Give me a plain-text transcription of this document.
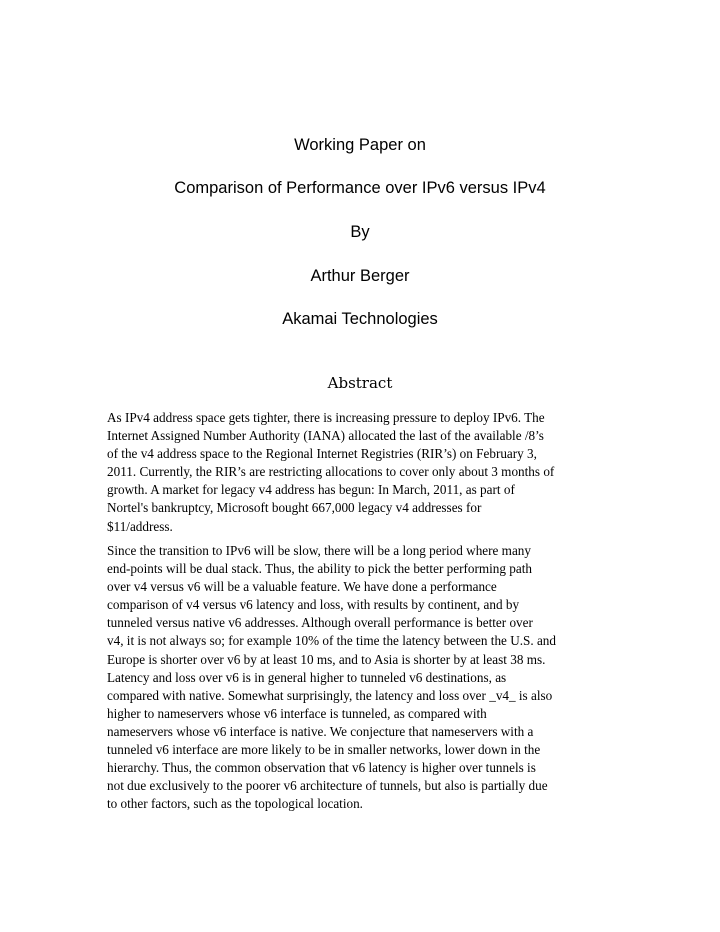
Working Paper on
Comparison of Performance over IPv6 versus IPv4
By
Arthur Berger
Akamai Technologies
Abstract
As IPv4 address space gets tighter, there is increasing pressure to deploy IPv6. The
Internet Assigned Number Authority (IANA) allocated the last of the available /8’s
of the v4 address space to the Regional Internet Registries (RIR’s) on February 3,
2011. Currently, the RIR’s are restricting allocations to cover only about 3 months of
growth. A market for legacy v4 address has begun: In March, 2011, as part of
Nortel's bankruptcy, Microsoft bought 667,000 legacy v4 addresses for
$11/address.
Since the transition to IPv6 will be slow, there will be a long period where many
end-points will be dual stack. Thus, the ability to pick the better performing path
over v4 versus v6 will be a valuable feature. We have done a performance
comparison of v4 versus v6 latency and loss, with results by continent, and by
tunneled versus native v6 addresses. Although overall performance is better over
v4, it is not always so; for example 10% of the time the latency between the U.S. and
Europe is shorter over v6 by at least 10 ms, and to Asia is shorter by at least 38 ms.
Latency and loss over v6 is in general higher to tunneled v6 destinations, as
compared with native. Somewhat surprisingly, the latency and loss over _v4_ is also
higher to nameservers whose v6 interface is tunneled, as compared with
nameservers whose v6 interface is native. We conjecture that nameservers with a
tunneled v6 interface are more likely to be in smaller networks, lower down in the
hierarchy. Thus, the common observation that v6 latency is higher over tunnels is
not due exclusively to the poorer v6 architecture of tunnels, but also is partially due
to other factors, such as the topological location.
